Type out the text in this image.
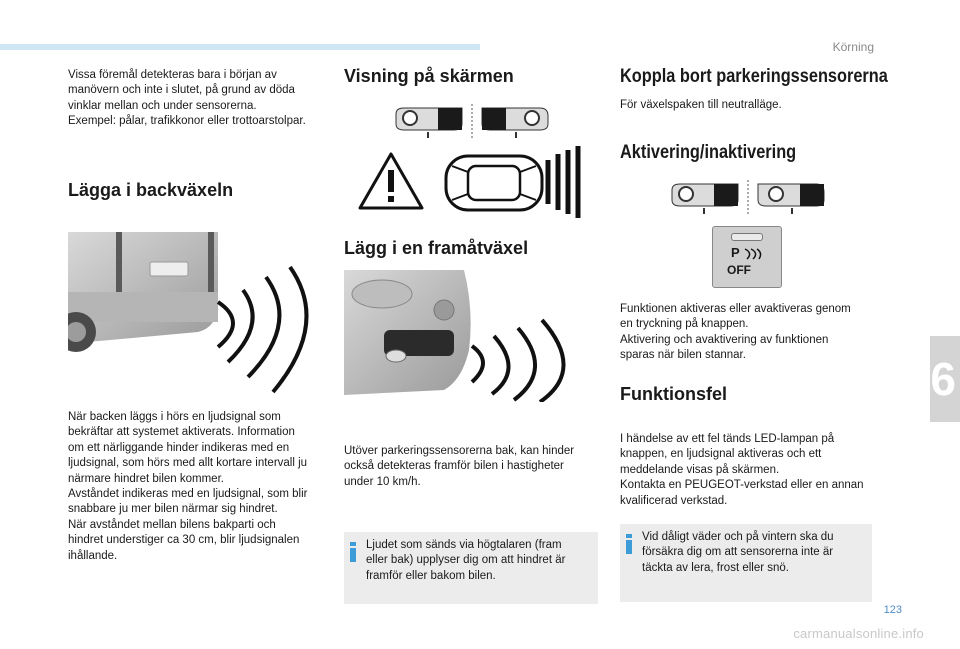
Körning
6
123
carmanualsonline.info
Vissa föremål detekteras bara i början av
manövern och inte i slutet, på grund av döda
vinklar mellan och under sensorerna.
Exempel: pålar, trafikkonor eller trottoarstolpar.
Lägga i backväxeln
När backen läggs i hörs en ljudsignal som
bekräftar att systemet aktiverats. Information
om ett närliggande hinder indikeras med en
ljudsignal, som hörs med allt kortare intervall ju
närmare hindret bilen kommer.
Avståndet indikeras med en ljudsignal, som blir
snabbare ju mer bilen närmar sig hindret.
När avståndet mellan bilens bakparti och
hindret understiger ca 30 cm, blir ljudsignalen
ihållande.
Visning på skärmen
Lägg i en framåtväxel
Utöver parkeringssensorerna bak, kan hinder
också detekteras framför bilen i hastigheter
under 10 km/h.
Ljudet som sänds via högtalaren (fram
eller bak) upplyser dig om att hindret är
framför eller bakom bilen.
Koppla bort parkeringssensorerna
För växelspaken till neutralläge.
Aktivering/inaktivering
P
OFF
Funktionen aktiveras eller avaktiveras genom
en tryckning på knappen.
Aktivering och avaktivering av funktionen
sparas när bilen stannar.
Funktionsfel
I händelse av ett fel tänds LED-lampan på
knappen, en ljudsignal aktiveras och ett
meddelande visas på skärmen.
Kontakta en PEUGEOT-verkstad eller en annan
kvalificerad verkstad.
Vid dåligt väder och på vintern ska du
försäkra dig om att sensorerna inte är
täckta av lera, frost eller snö.
